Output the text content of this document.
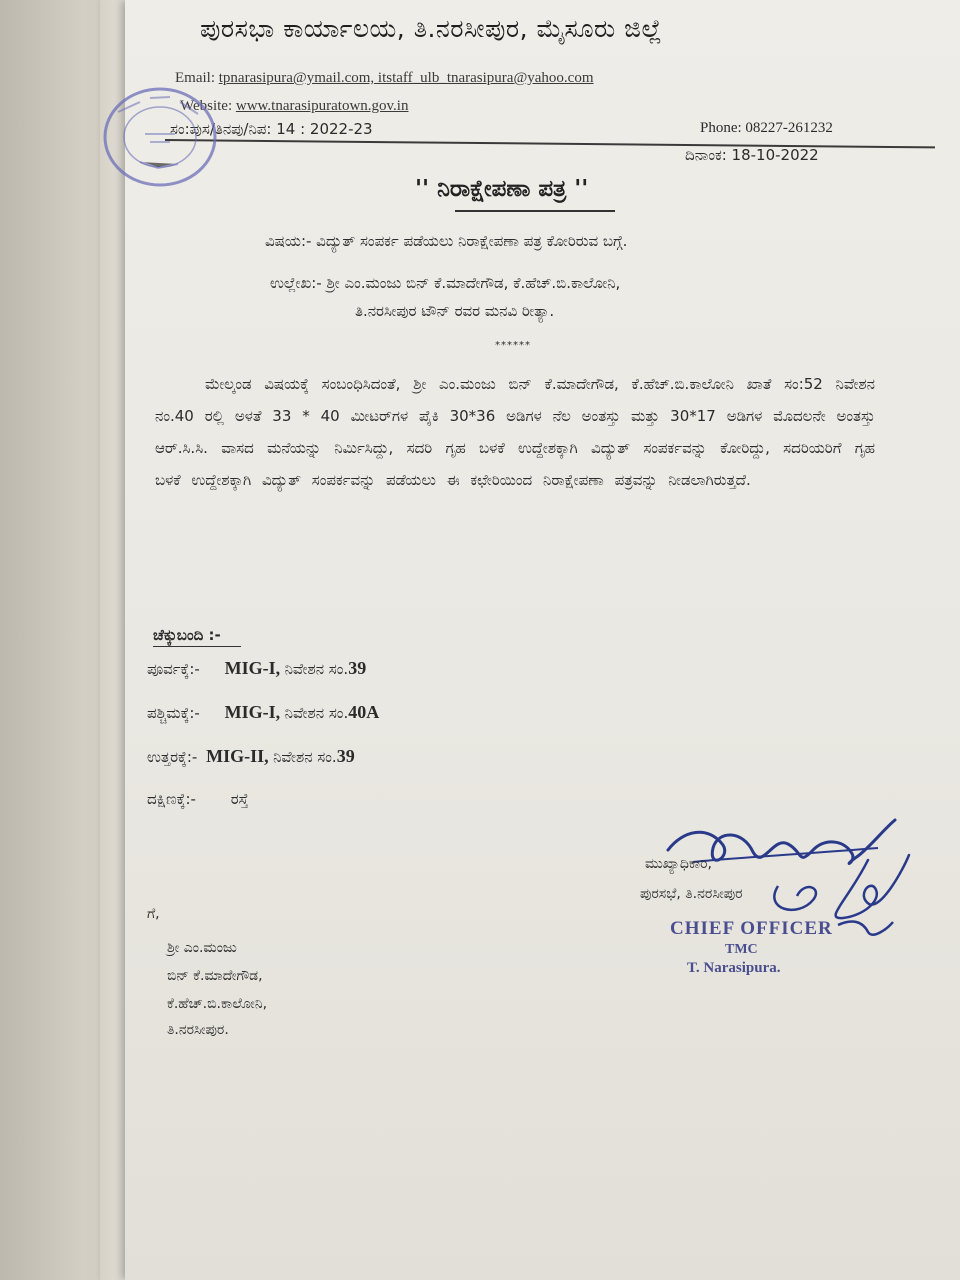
ಪುರಸಭಾ ಕಾರ್ಯಾಲಯ, ತಿ.ನರಸೀಪುರ, ಮೈಸೂರು ಜಿಲ್ಲೆ
Email: tpnarasipura@ymail.com, itstaff_ulb_tnarasipura@yahoo.com
Website: www.tnarasipuratown.gov.in
ಸಂ:ಪುಸ/ತಿನಪು/ನಿಪ: 14 : 2022-23	Phone: 08227-261232
ದಿನಾಂಕ: 18-10-2022
'' ನಿರಾಕ್ಷೇಪಣಾ ಪತ್ರ ''
ವಿಷಯ:- ವಿದ್ಯುತ್ ಸಂಪರ್ಕ ಪಡೆಯಲು ನಿರಾಕ್ಷೇಪಣಾ ಪತ್ರ ಕೋರಿರುವ ಬಗ್ಗೆ.
ಉಲ್ಲೇಖ:- ಶ್ರೀ ಎಂ.ಮಂಜು ಬಿನ್ ಕೆ.ಮಾದೇಗೌಡ, ಕೆ.ಹೆಚ್.ಬಿ.ಕಾಲೋನಿ,
ತಿ.ನರಸೀಪುರ ಟೌನ್ ರವರ ಮನವಿ ರೀತ್ಯಾ.
******
ಮೇಲ್ಕಂಡ ವಿಷಯಕ್ಕೆ ಸಂಬಂಧಿಸಿದಂತೆ, ಶ್ರೀ ಎಂ.ಮಂಜು ಬಿನ್ ಕೆ.ಮಾದೇಗೌಡ, ಕೆ.ಹೆಚ್.ಬಿ.ಕಾಲೋನಿ ಖಾತೆ ಸಂ:52 ನಿವೇಶನ ನಂ.40 ರಲ್ಲಿ ಅಳತೆ 33 * 40 ಮೀಟರ್‌ಗಳ ಪೈಕಿ 30*36 ಅಡಿಗಳ ನೆಲ ಅಂತಸ್ತು ಮತ್ತು 30*17 ಅಡಿಗಳ ಮೊದಲನೇ ಅಂತಸ್ತು ಆರ್.ಸಿ.ಸಿ. ವಾಸದ ಮನೆಯನ್ನು ನಿರ್ಮಿಸಿದ್ದು, ಸದರಿ ಗೃಹ ಬಳಕೆ ಉದ್ದೇಶಕ್ಕಾಗಿ ವಿದ್ಯುತ್ ಸಂಪರ್ಕವನ್ನು ಕೋರಿದ್ದು, ಸದರಿಯರಿಗೆ ಗೃಹ ಬಳಕೆ ಉದ್ದೇಶಕ್ಕಾಗಿ ವಿದ್ಯುತ್ ಸಂಪರ್ಕವನ್ನು ಪಡೆಯಲು ಈ ಕಛೇರಿಯಿಂದ ನಿರಾಕ್ಷೇಪಣಾ ಪತ್ರವನ್ನು ನೀಡಲಾಗಿರುತ್ತದೆ.
ಚೆಕ್ಕುಬಂದಿ :-
ಪೂರ್ವಕ್ಕೆ:- MIG-I, ನಿವೇಶನ ಸಂ.39
ಪಶ್ಚಿಮಕ್ಕೆ:- MIG-I, ನಿವೇಶನ ಸಂ.40A
ಉತ್ತರಕ್ಕೆ:- MIG-II, ನಿವೇಶನ ಸಂ.39
ದಕ್ಷಿಣಕ್ಕೆ:- ರಸ್ತೆ
ಮುಖ್ಯಾಧಿಕಾರಿ,
ಪುರಸಭೆ, ತಿ.ನರಸೀಪುರ
CHIEF OFFICER
TMC
T. Narasipura.
ಗೆ,
ಶ್ರೀ ಎಂ.ಮಂಜು
ಬಿನ್ ಕೆ.ಮಾದೇಗೌಡ,
ಕೆ.ಹೆಚ್.ಬಿ.ಕಾಲೋನಿ,
ತಿ.ನರಸೀಪುರ.
